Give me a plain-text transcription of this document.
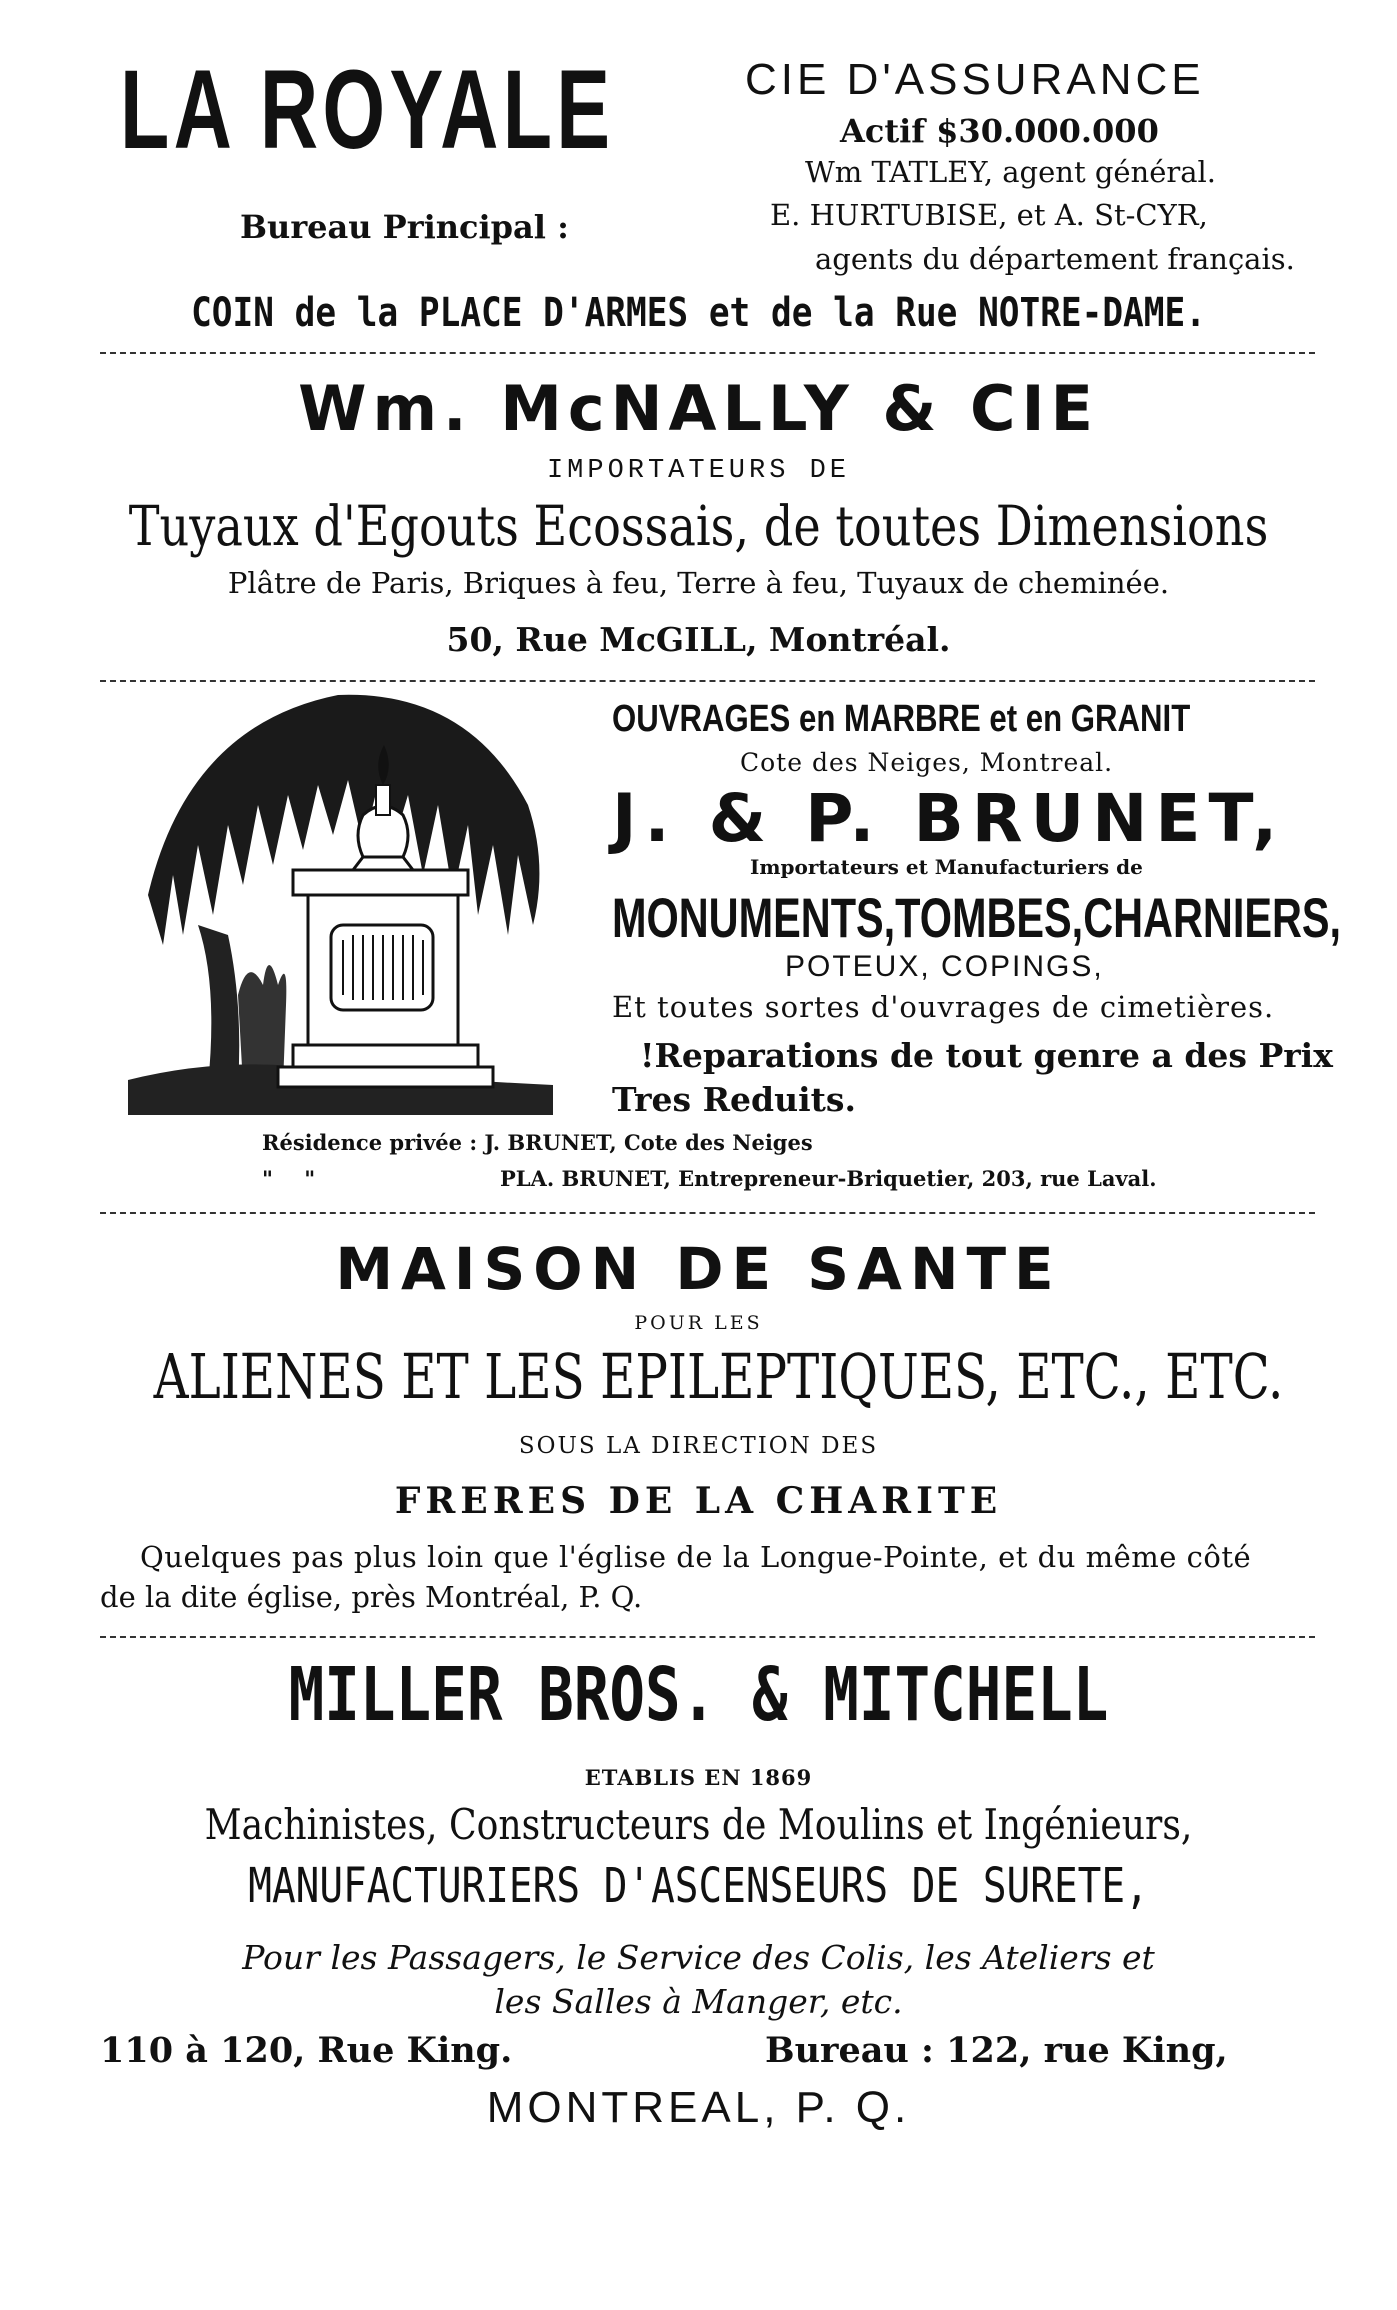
LA ROYALE
Bureau Principal :
CIE D'ASSURANCE
Actif $30.000.000
Wm TATLEY, agent général.
E. HURTUBISE, et A. St-CYR,
agents du département français.
COIN de la PLACE D'ARMES et de la Rue NOTRE-DAME.
Wm. McNALLY & CIE
IMPORTATEURS DE
Tuyaux d'Egouts Ecossais, de toutes Dimensions
Plâtre de Paris, Briques à feu, Terre à feu, Tuyaux de cheminée.
50, Rue McGILL, Montréal.
OUVRAGES en MARBRE et en GRANIT
Cote des Neiges, Montreal.
J. & P. BRUNET,
Importateurs et Manufacturiers de
MONUMENTS,TOMBES,CHARNIERS,
POTEUX, COPINGS,
Et toutes sortes d'ouvrages de cimetières.
!Reparations de tout genre a des Prix
Tres Reduits.
Résidence privée : J. BRUNET, Cote des Neiges
" "	PLA. BRUNET, Entrepreneur-Briquetier, 203, rue Laval.
MAISON DE SANTE
POUR LES
ALIENES ET LES EPILEPTIQUES, ETC., ETC.
SOUS LA DIRECTION DES
FRERES DE LA CHARITE
Quelques pas plus loin que l'église de la Longue-Pointe, et du même côté
de la dite église, près Montréal, P. Q.
MILLER BROS. & MITCHELL
ETABLIS EN 1869
Machinistes, Constructeurs de Moulins et Ingénieurs,
MANUFACTURIERS D'ASCENSEURS DE SURETE,
Pour les Passagers, le Service des Colis, les Ateliers et
les Salles à Manger, etc.
110 à 120, Rue King.	Bureau : 122, rue King,
MONTREAL, P. Q.
